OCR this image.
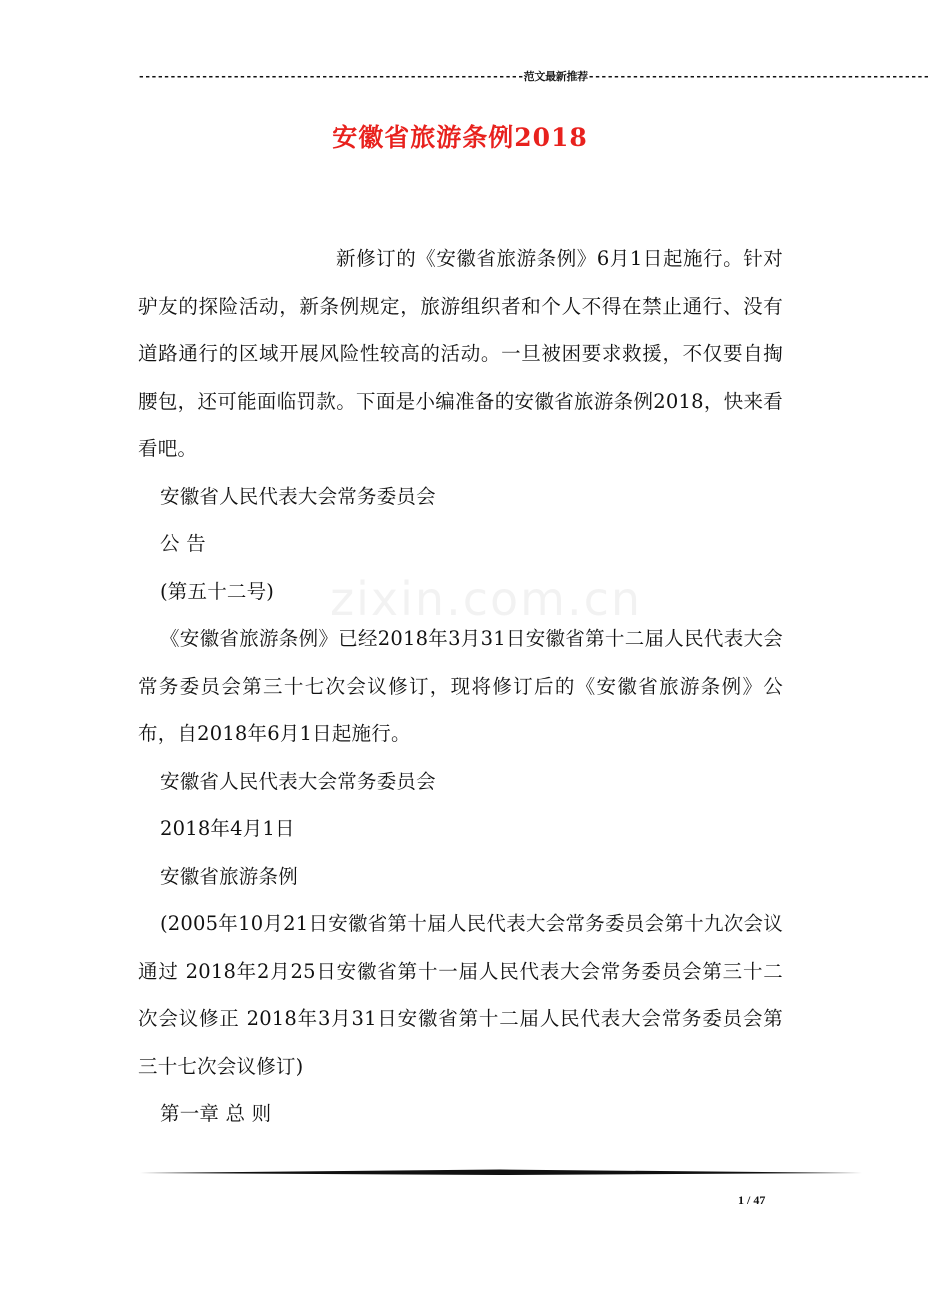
-------------------------------------------------------------范文最新推荐------------------------------------------------------
安徽省旅游条例2018
zixin.com.cn

新修订的《安徽省旅游条例》6月1日起施行。针对驴友的探险活动，新条例规定，旅游组织者和个人不得在禁止通行、没有道路通行的区域开展风险性较高的活动。一旦被困要求救援，不仅要自掏腰包，还可能面临罚款。下面是小编准备的安徽省旅游条例2018，快来看看吧。

安徽省人民代表大会常务委员会

公 告

(第五十二号)

《安徽省旅游条例》已经2018年3月31日安徽省第十二届人民代表大会常务委员会第三十七次会议修订，现将修订后的《安徽省旅游条例》公布，自2018年6月1日起施行。

安徽省人民代表大会常务委员会

2018年4月1日

安徽省旅游条例

(2005年10月21日安徽省第十届人民代表大会常务委员会第十九次会议通过 2018年2月25日安徽省第十一届人民代表大会常务委员会第三十二次会议修正 2018年3月31日安徽省第十二届人民代表大会常务委员会第三十七次会议修订)

第一章 总 则

1 / 47
